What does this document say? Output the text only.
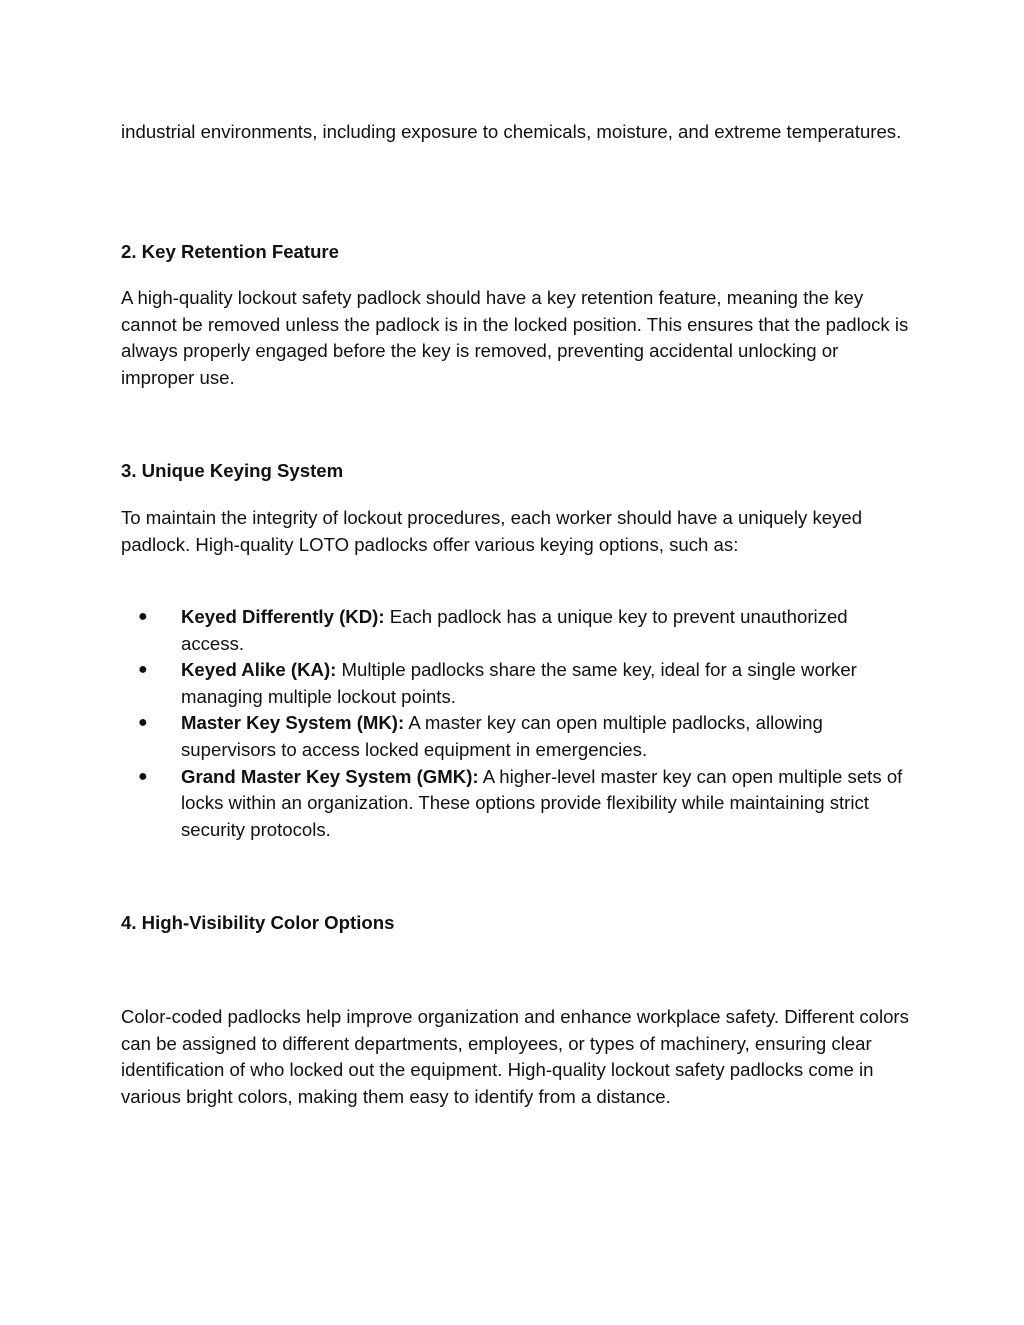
industrial environments, including exposure to chemicals, moisture, and extreme temperatures.

2. Key Retention Feature

A high-quality lockout safety padlock should have a key retention feature, meaning the key cannot be removed unless the padlock is in the locked position. This ensures that the padlock is always properly engaged before the key is removed, preventing accidental unlocking or improper use.

3. Unique Keying System

To maintain the integrity of lockout procedures, each worker should have a uniquely keyed padlock. High-quality LOTO padlocks offer various keying options, such as:

● Keyed Differently (KD): Each padlock has a unique key to prevent unauthorized access.
● Keyed Alike (KA): Multiple padlocks share the same key, ideal for a single worker managing multiple lockout points.
● Master Key System (MK): A master key can open multiple padlocks, allowing supervisors to access locked equipment in emergencies.
● Grand Master Key System (GMK): A higher-level master key can open multiple sets of locks within an organization. These options provide flexibility while maintaining strict security protocols.
4. High-Visibility Color Options

Color-coded padlocks help improve organization and enhance workplace safety. Different colors can be assigned to different departments, employees, or types of machinery, ensuring clear identification of who locked out the equipment. High-quality lockout safety padlocks come in various bright colors, making them easy to identify from a distance.
